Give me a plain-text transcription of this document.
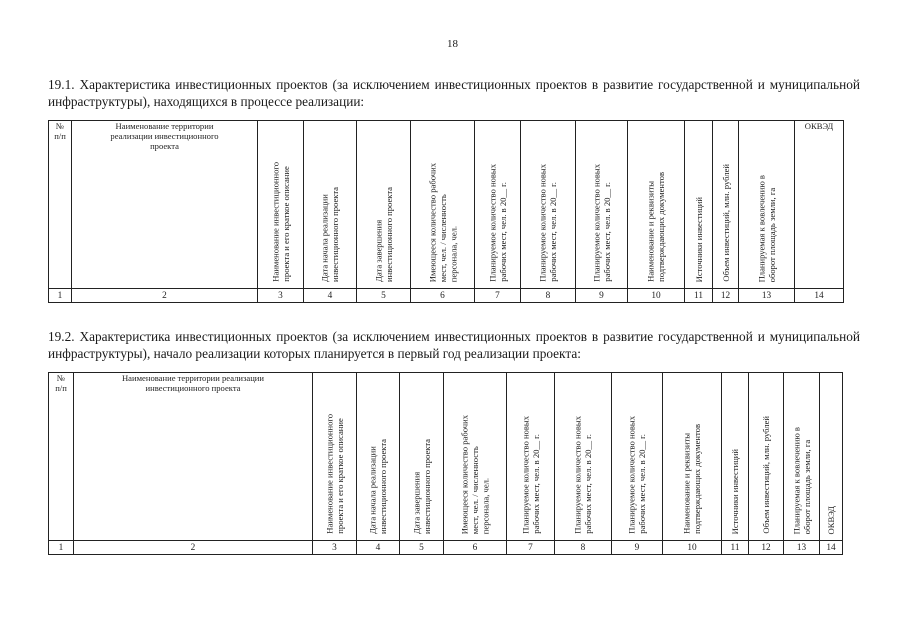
18

19.1. Характеристика инвестиционных проектов (за исключением инвестиционных проектов в развитие государственной и муниципальной инфраструктуры), находящихся в процессе реализации:

№
п/п	Наименование территории
реализации инвестиционного
проекта	Наименование инвестиционного
проекта и его краткое описание	Дата начала реализации
инвестиционного проекта	Дата завершения
инвестиционного проекта	Имеющееся количество рабочих
мест, чел. / численность
персонала, чел.	Планируемое количество новых
рабочих мест, чел. в 20__ г.	Планируемое количество новых
рабочих мест, чел. в 20__ г.	Планируемое количество новых
рабочих мест, чел. в 20__ г.	Наименование и реквизиты
подтверждающих документов	Источники инвестиций	Объем инвестиций, млн. рублей	Планируемая к вовлечению в
оборот площадь земли, га	ОКВЭД
1	2	3	4	5	6	7	8	9	10	11	12	13	14

19.2. Характеристика инвестиционных проектов (за исключением инвестиционных проектов в развитие государственной и муниципальной инфраструктуры), начало реализации которых планируется в первый год реализации проекта:

№
п/п	Наименование территории реализации
инвестиционного проекта	Наименование инвестиционного
проекта и его краткое описание	Дата начала реализации
инвестиционного проекта	Дата завершения
инвестиционного проекта	Имеющееся количество рабочих
мест, чел. / численность
персонала, чел.	Планируемое количество новых
рабочих мест, чел. в 20__ г.	Планируемое количество новых
рабочих мест, чел. в 20__ г.	Планируемое количество новых
рабочих мест, чел. в 20__ г.	Наименование и реквизиты
подтверждающих документов	Источники инвестиций	Объем инвестиций, млн. рублей	Планируемая к вовлечению в
оборот площадь земли, га	ОКВЭД

1	2	3	4	5	6	7	8	9	10	11	12	13	14
